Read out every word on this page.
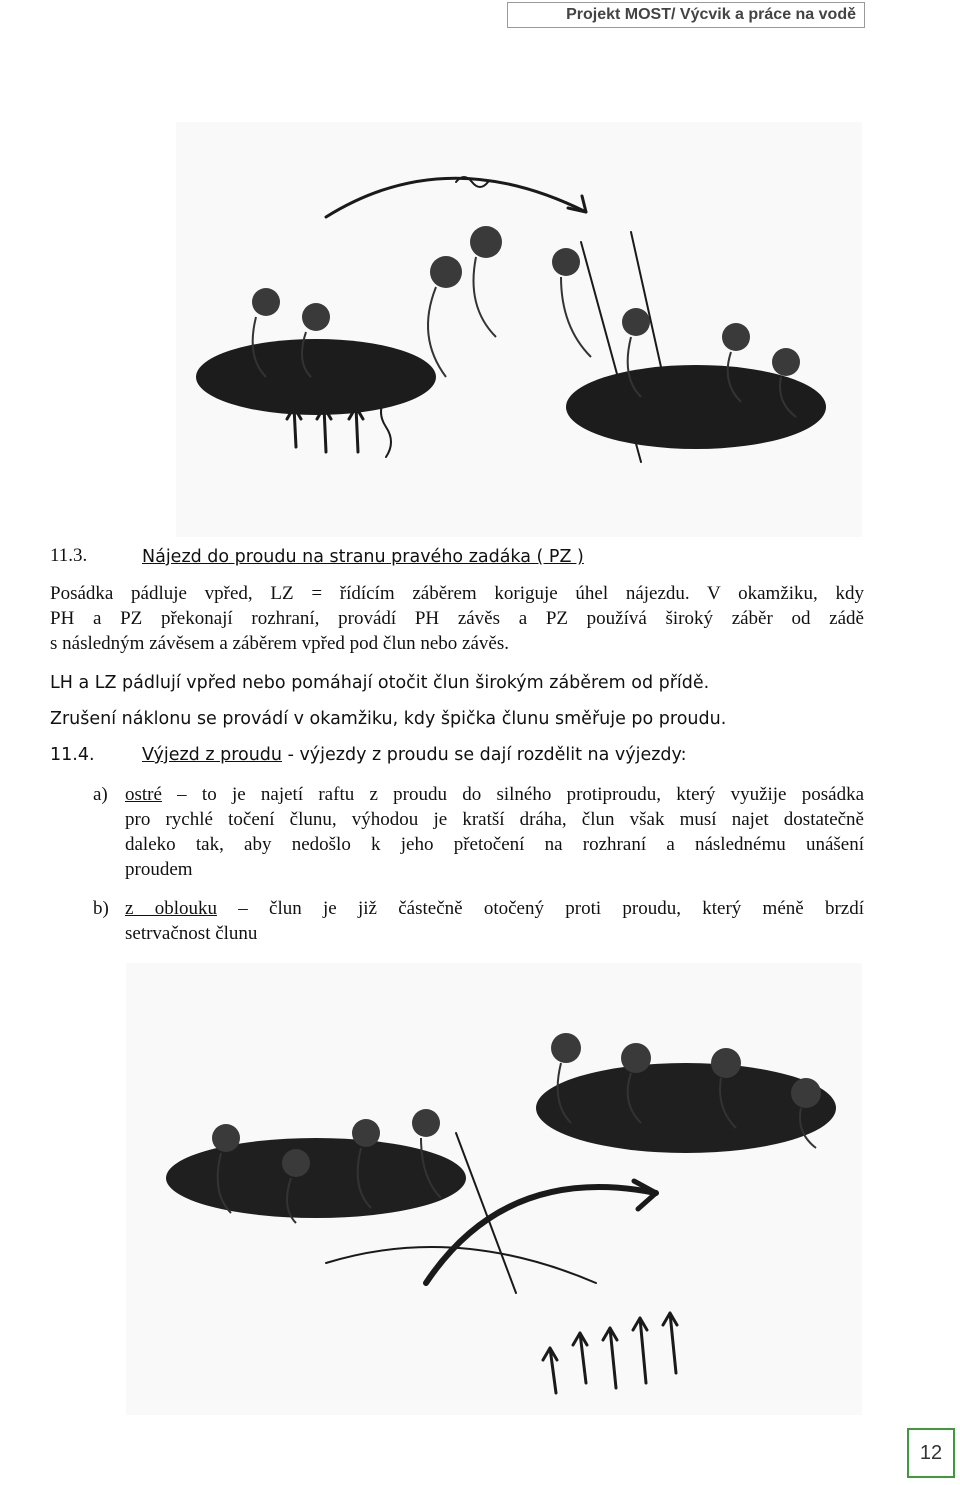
Projekt MOST/ Výcvik a práce na vodě
11.3.	Nájezd do proudu na stranu pravého zadáka ( PZ )
Posádka pádluje vpřed, LZ = řídícím záběrem koriguje úhel nájezdu. V okamžiku, kdy
PH a PZ překonají rozhraní, provádí PH závěs a PZ používá široký záběr od zádě
s následným závěsem a záběrem vpřed pod člun nebo závěs.
LH a LZ pádlují vpřed nebo pomáhají otočit člun širokým záběrem od přídě.
Zrušení náklonu se provádí v okamžiku, kdy špička člunu směřuje po proudu.
11.4.	Výjezd z proudu - výjezdy z proudu se dají rozdělit na výjezdy:
a) ostré – to je najetí raftu z proudu do silného protiproudu, který využije posádka
pro rychlé točení člunu, výhodou je kratší dráha, člun však musí najet dostatečně
daleko tak, aby nedošlo k jeho přetočení na rozhraní a následnému unášení
proudem
b) z oblouku – člun je již částečně otočený proti proudu, který méně brzdí
setrvačnost člunu
12
